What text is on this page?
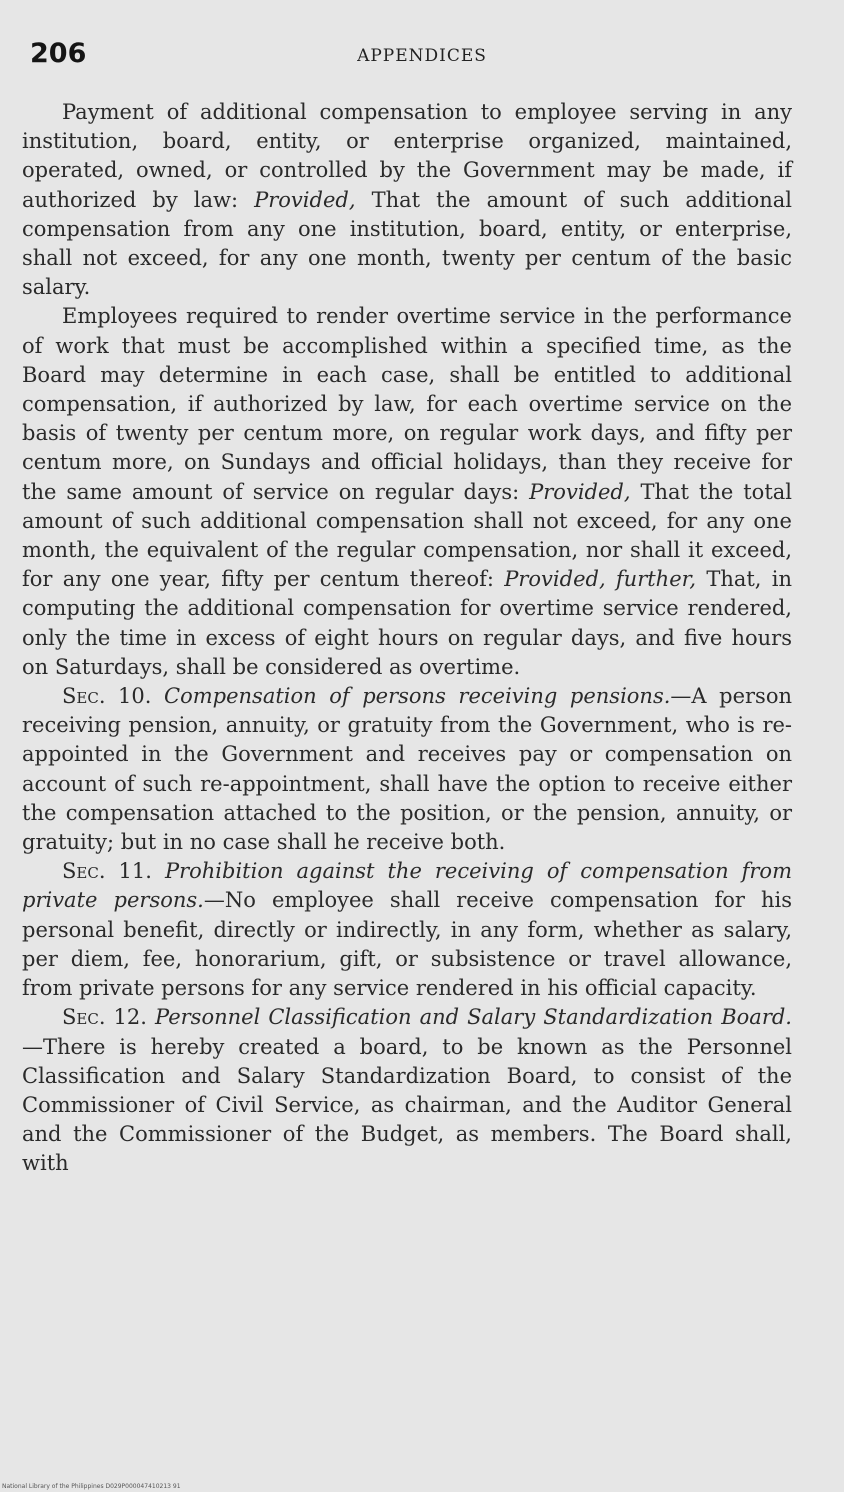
206	APPENDICES

Payment of additional compensation to employee serving in any institution, board, entity, or enterprise organized, maintained, operated, owned, or controlled by the Government may be made, if authorized by law: Provided, That the amount of such additional compensation from any one institution, board, entity, or enterprise, shall not exceed, for any one month, twenty per centum of the basic salary.

Employees required to render overtime service in the performance of work that must be accomplished within a specified time, as the Board may determine in each case, shall be entitled to additional compensation, if authorized by law, for each overtime service on the basis of twenty per centum more, on regular work days, and fifty per centum more, on Sundays and official holidays, than they receive for the same amount of service on regular days: Provided, That the total amount of such additional compensation shall not exceed, for any one month, the equivalent of the regular compensation, nor shall it exceed, for any one year, fifty per centum thereof: Provided, further, That, in computing the additional compensation for overtime service rendered, only the time in excess of eight hours on regular days, and five hours on Saturdays, shall be considered as overtime.

Sec. 10. Compensation of persons receiving pensions.—A person receiving pension, annuity, or gratuity from the Government, who is re-appointed in the Government and receives pay or compensation on account of such re-appointment, shall have the option to receive either the compensation attached to the position, or the pension, annuity, or gratuity; but in no case shall he receive both.

Sec. 11. Prohibition against the receiving of compensation from private persons.—No employee shall receive compensation for his personal benefit, directly or indirectly, in any form, whether as salary, per diem, fee, honorarium, gift, or subsistence or travel allowance, from private persons for any service rendered in his official capacity.

Sec. 12. Personnel Classification and Salary Standardization Board.—There is hereby created a board, to be known as the Personnel Classification and Salary Standardization Board, to consist of the Commissioner of Civil Service, as chairman, and the Auditor General and the Commissioner of the Budget, as members. The Board shall, with

National Library of the Philippines D029P000047410213 91
